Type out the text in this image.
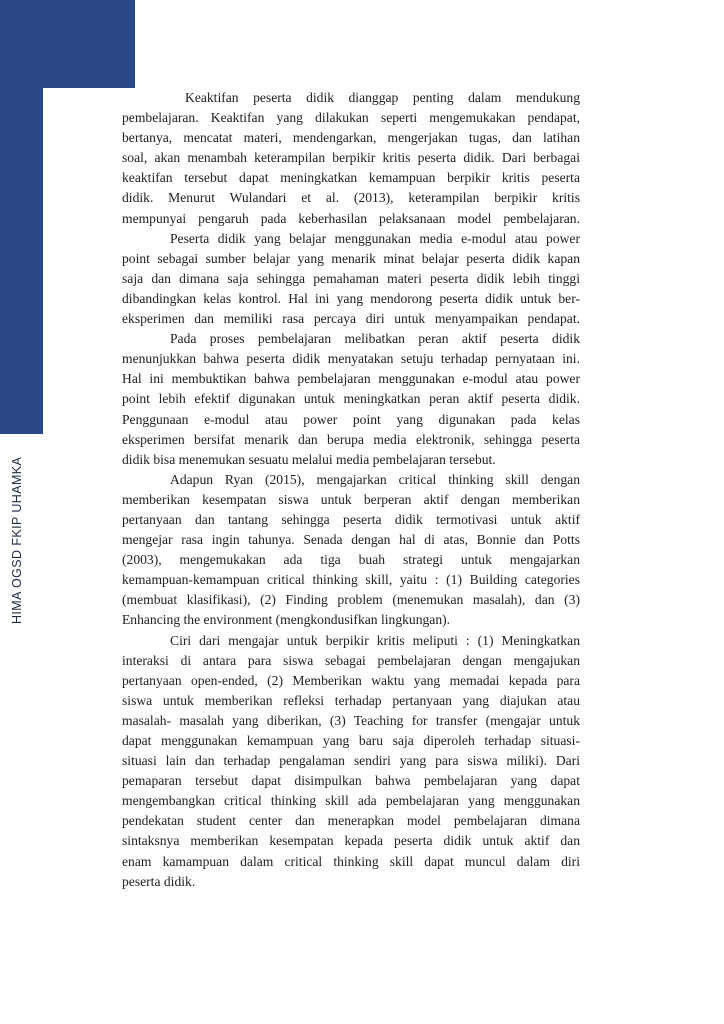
HIMA OGSD FKIP UHAMKA
Keaktifan peserta didik dianggap penting dalam mendukung
pembelajaran. Keaktifan yang dilakukan seperti mengemukakan pendapat,
bertanya, mencatat materi, mendengarkan, mengerjakan tugas, dan latihan
soal, akan menambah keterampilan berpikir kritis peserta didik. Dari berbagai
keaktifan tersebut dapat meningkatkan kemampuan berpikir kritis peserta
didik. Menurut Wulandari et al. (2013), keterampilan berpikir kritis
mempunyai pengaruh pada keberhasilan pelaksanaan model pembelajaran.
Peserta didik yang belajar menggunakan media e-modul atau power
point sebagai sumber belajar yang menarik minat belajar peserta didik kapan
saja dan dimana saja sehingga pemahaman materi peserta didik lebih tinggi
dibandingkan kelas kontrol. Hal ini yang mendorong peserta didik untuk ber-
eksperimen dan memiliki rasa percaya diri untuk menyampaikan pendapat.
Pada proses pembelajaran melibatkan peran aktif peserta didik
menunjukkan bahwa peserta didik menyatakan setuju terhadap pernyataan ini.
Hal ini membuktikan bahwa pembelajaran menggunakan e-modul atau power
point lebih efektif digunakan untuk meningkatkan peran aktif peserta didik.
Penggunaan e-modul atau power point yang digunakan pada kelas
eksperimen bersifat menarik dan berupa media elektronik, sehingga peserta
didik bisa menemukan sesuatu melalui media pembelajaran tersebut.
Adapun Ryan (2015), mengajarkan critical thinking skill dengan
memberikan kesempatan siswa untuk berperan aktif dengan memberikan
pertanyaan dan tantang sehingga peserta didik termotivasi untuk aktif
mengejar rasa ingin tahunya. Senada dengan hal di atas, Bonnie dan Potts
(2003), mengemukakan ada tiga buah strategi untuk mengajarkan
kemampuan-kemampuan critical thinking skill, yaitu : (1) Building categories
(membuat klasifikasi), (2) Finding problem (menemukan masalah), dan (3)
Enhancing the environment (mengkondusifkan lingkungan).
Ciri dari mengajar untuk berpikir kritis meliputi : (1) Meningkatkan
interaksi di antara para siswa sebagai pembelajaran dengan mengajukan
pertanyaan open-ended, (2) Memberikan waktu yang memadai kepada para
siswa untuk memberikan refleksi terhadap pertanyaan yang diajukan atau
masalah- masalah yang diberikan, (3) Teaching for transfer (mengajar untuk
dapat menggunakan kemampuan yang baru saja diperoleh terhadap situasi-
situasi lain dan terhadap pengalaman sendiri yang para siswa miliki). Dari
pemaparan tersebut dapat disimpulkan bahwa pembelajaran yang dapat
mengembangkan critical thinking skill ada pembelajaran yang menggunakan
pendekatan student center dan menerapkan model pembelajaran dimana
sintaksnya memberikan kesempatan kepada peserta didik untuk aktif dan
enam kamampuan dalam critical thinking skill dapat muncul dalam diri
peserta didik.
